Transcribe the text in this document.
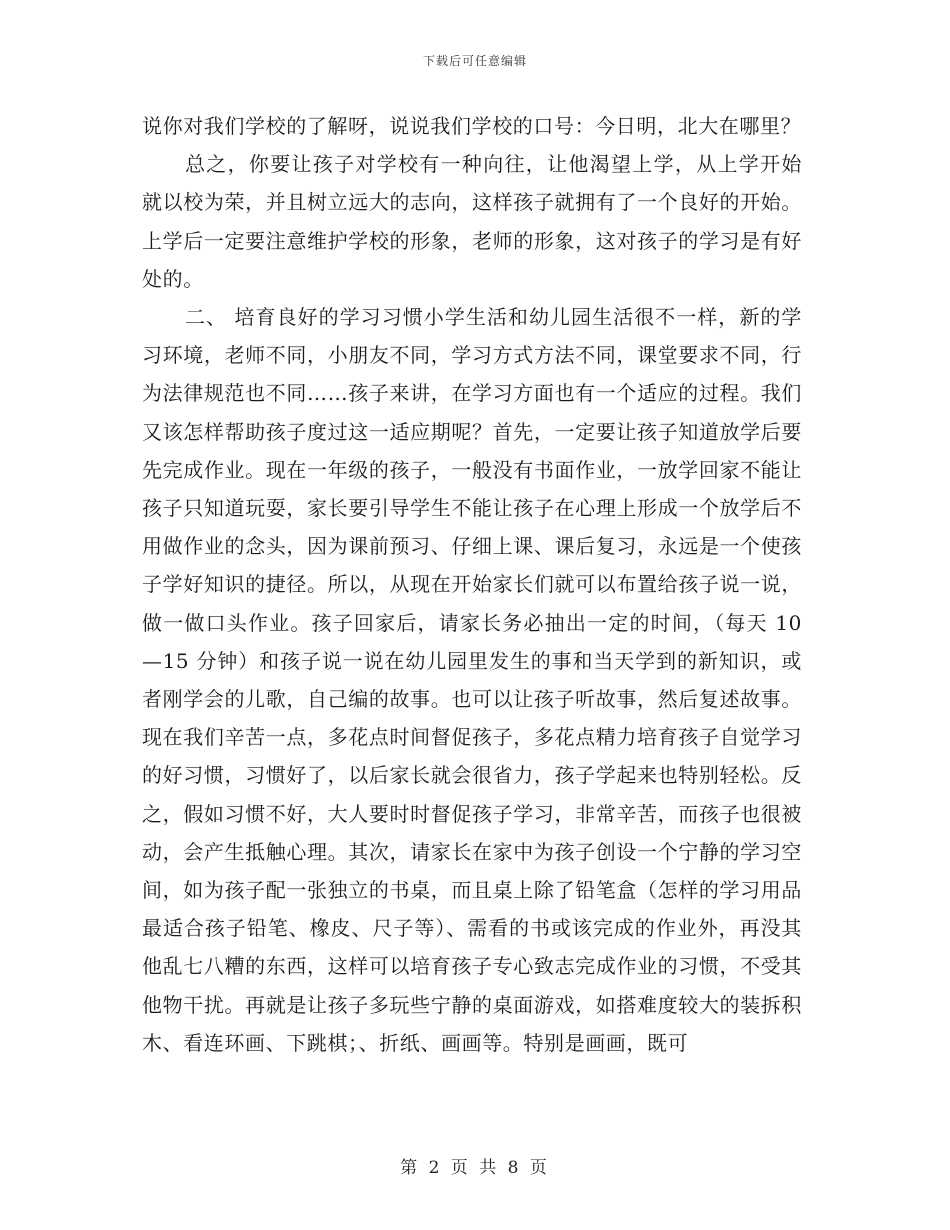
下载后可任意编辑

说你对我们学校的了解呀，说说我们学校的口号：今日明，北大在哪里？

总之，你要让孩子对学校有一种向往，让他渴望上学，从上学开始就以校为荣，并且树立远大的志向，这样孩子就拥有了一个良好的开始。上学后一定要注意维护学校的形象，老师的形象，这对孩子的学习是有好处的。

二、 培育良好的学习习惯小学生活和幼儿园生活很不一样，新的学习环境，老师不同，小朋友不同，学习方式方法不同，课堂要求不同，行为法律规范也不同……孩子来讲，在学习方面也有一个适应的过程。我们又该怎样帮助孩子度过这一适应期呢？首先，一定要让孩子知道放学后要先完成作业。现在一年级的孩子，一般没有书面作业，一放学回家不能让孩子只知道玩耍，家长要引导学生不能让孩子在心理上形成一个放学后不用做作业的念头，因为课前预习、仔细上课、课后复习，永远是一个使孩子学好知识的捷径。所以，从现在开始家长们就可以布置给孩子说一说，做一做口头作业。孩子回家后，请家长务必抽出一定的时间，（每天 10—15 分钟）和孩子说一说在幼儿园里发生的事和当天学到的新知识，或者刚学会的儿歌，自己编的故事。也可以让孩子听故事，然后复述故事。现在我们辛苦一点，多花点时间督促孩子，多花点精力培育孩子自觉学习的好习惯，习惯好了，以后家长就会很省力，孩子学起来也特别轻松。反之，假如习惯不好，大人要时时督促孩子学习，非常辛苦，而孩子也很被动，会产生抵触心理。其次，请家长在家中为孩子创设一个宁静的学习空间，如为孩子配一张独立的书桌，而且桌上除了铅笔盒（怎样的学习用品最适合孩子铅笔、橡皮、尺子等）、需看的书或该完成的作业外，再没其他乱七八糟的东西，这样可以培育孩子专心致志完成作业的习惯，不受其他物干扰。再就是让孩子多玩些宁静的桌面游戏，如搭难度较大的装拆积木、看连环画、下跳棋；、折纸、画画等。特别是画画，既可

第 2 页 共 8 页
